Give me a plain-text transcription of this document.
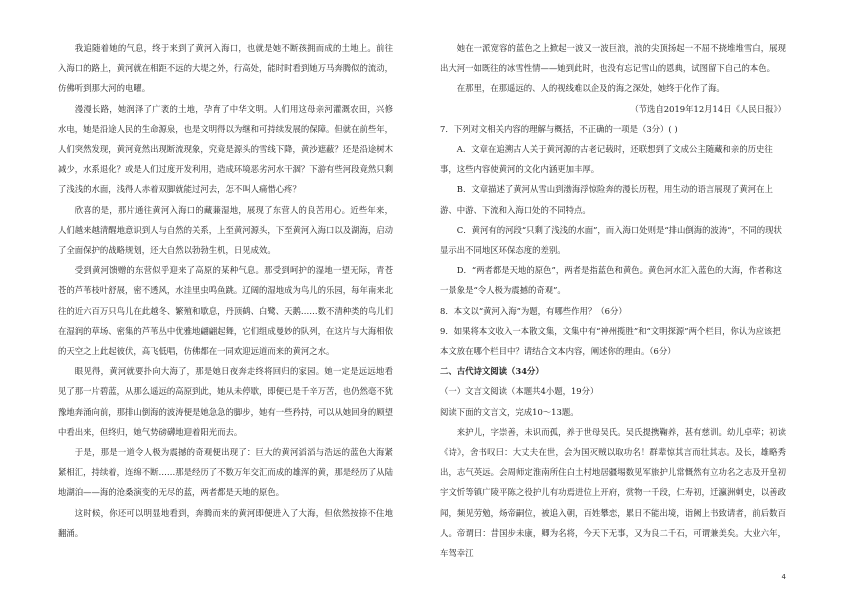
我追随着她的气息，终于来到了黄河入海口，也就是她不断孩拥而成的土地上。前往入海口的路上，黄河就在相距不远的大堤之外，行高处，能时时看到她万马奔腾似的流动，仿佛听到那大河的电曜。

漫漫长路，她润泽了广袤的土地，孕育了中华文明。人们用这母亲河灌溉农田，兴修水电，她是沿途人民的生命源泉，也是文明得以为继和可持续发展的保障。但就在前些年，人们突然发现，黄河竟然出现断流现象，究竟是源头的雪线下降，黄沙遮蔽？还是沿途树木减少，水系退化？或是人们过度开发利用，造成环境恶劣河水干涸？下游有些河段竟然只剩了浅浅的水面，浅得人赤着双脚就能过河去，怎不叫人痛惜心疼？

欣喜的是，那片通往黄河入海口的藏蒹湿地，展现了东营人的良苦用心。近些年来，人们越来越清醒地意识到人与自然的关系，上至黄河源头，下至黄河入海口以及湖海，启动了全面保护的战略规划，还大自然以勃勃生机，日见成效。

受到黄河馈赠的东营似乎迎来了高原的某种气息。那受到呵护的湿地一望无际，青苍苍的芦苇枝叶舒展，密不透风，水洼里虫鸣鱼跳。辽阔的湿地成为鸟儿的乐园，每年南来北往的近六百万只鸟儿在此越冬、繁殖和歇息，丹顶鹤、白鹭、天鹅……数不清种类的鸟儿们在湿润的草场、密集的芦苇丛中优雅地翩翩起舞，它们组成曼妙的队列，在这片与大海相依的天空之上此起彼伏，高飞低唱，仿佛都在一同欢迎远道而来的黄河之水。

眼见得，黄河就要扑向大海了，那是她日夜奔走终将回归的家园。她一定是远远地看见了那一片碧蓝，从那么遥远的高原到此，她从未停歇，即便已是千辛万苦，也仍然毫不犹豫地奔涌向前，那排山倒海的波涛便是她急急的脚步，她有一些矜持，可以从她回身的顾望中看出来，但终归，她气势磅礴地迎着阳光而去。

于是，那是一道令人极为震撼的奇观便出现了：巨大的黄河滔滔与浩远的蓝色大海紧紧相汇，持续着，连绵不断……那是经历了不数万年交汇而成的雄浑的黄，那是经历了从陆地湖泊——海的沧桑演变的无尽的蓝，两者都是天地的原色。

这时候，你还可以明显地看到，奔腾而来的黄河即便进入了大海，但依然按捺不住地翻涌。

她在一派宽容的蓝色之上掀起一波又一波巨浪，浪的尖顶扬起一不屈不挠堆堆雪白，展现出大河一如既往的冰雪性情——她到此时，也没有忘记雪山的恩典，试图留下自己的本色。

在那里，在那遥远的、人的视线难以企及的海之深处，她终于化作了海。

（节选自2019年12月14日《人民日报》）

7．下列对文相关内容的理解与概括，不正确的一项是（3分）( )

A．文章在追溯古人关于黄河源的古老记载时，还联想到了文成公主随藏和亲的历史往事，这些内容使黄河的文化内涵更加丰厚。

B．文章描述了黄河从雪山到渤海浮惊险奔的漫长历程，用生动的语言展现了黄河在上游、中游、下流和入海口处的不同特点。

C．黄河有的河段“只剩了浅浅的水面”，而入海口处则是“排山倒海的波涛”，不同的现状显示出不同地区环保态度的差别。

D．“两者都是天地的原色”，两者是指蓝色和黄色。黄色河水汇入蓝色的大海，作者称这一景象是“令人极为震撼的奇观”。

8．本文以“黄河入海”为题，有哪些作用？（6分）

9．如果将本文收入一本散文集，文集中有“神州揽胜”和“文明探源”两个栏目，你认为应该把本文放在哪个栏目中？请结合文本内容，阐述你的理由。（6分）

二、古代诗文阅读（34分）

（一）文言文阅读（本题共4小题，19分）

阅读下面的文言文，完成10～13题。

来护儿，字崇善，未识而孤，养于世母吴氏。吴氏提携鞠养，甚有慈训。幼儿卓荦；初读《诗》，舍书叹曰：大丈夫在世，会为国灭贼以取功名！群辈惊其言而壮其志。及长，雄略秀出，志气英远。会周师定淮南所住白土村地居疆埸数见军旅护儿常慨然有立功名之志及开皇初宇文忻等镇广陵平陈之役护儿有功焉进位上开府，赏物一千段，仁寿初，迁瀛洲刺史，以善政闻，频见劳勉，炀帝嗣位，被追入朝，百姓攀恋，累日不能出境，诣阙上书致请者，前后数百人。帝谓曰：昔国步未康，卿为名将，今天下无事，又为良二千石，可谓兼美矣。大业六年，车驾幸江

4
